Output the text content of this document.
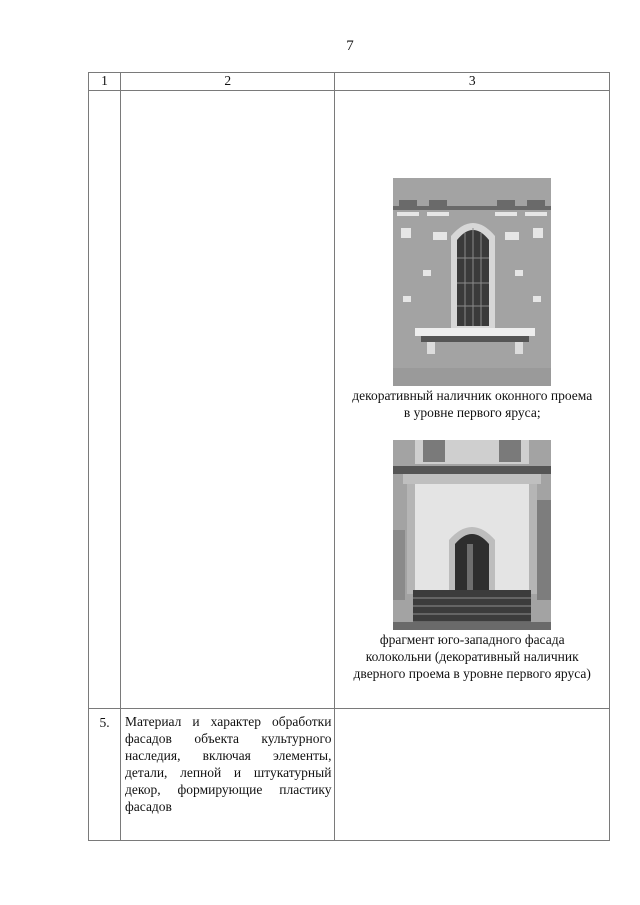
7
1	2	3

		декоративный наличник оконного проема
в уровне первого яруса;
фрагмент юго-западного фасада
колокольни (декоративный наличник
дверного проема в уровне первого яруса)

5.	Материал и характер обработки фасадов объекта культурного наследия, включая элементы, детали, лепной и штукатурный декор, формирующие пластику фасадов	
